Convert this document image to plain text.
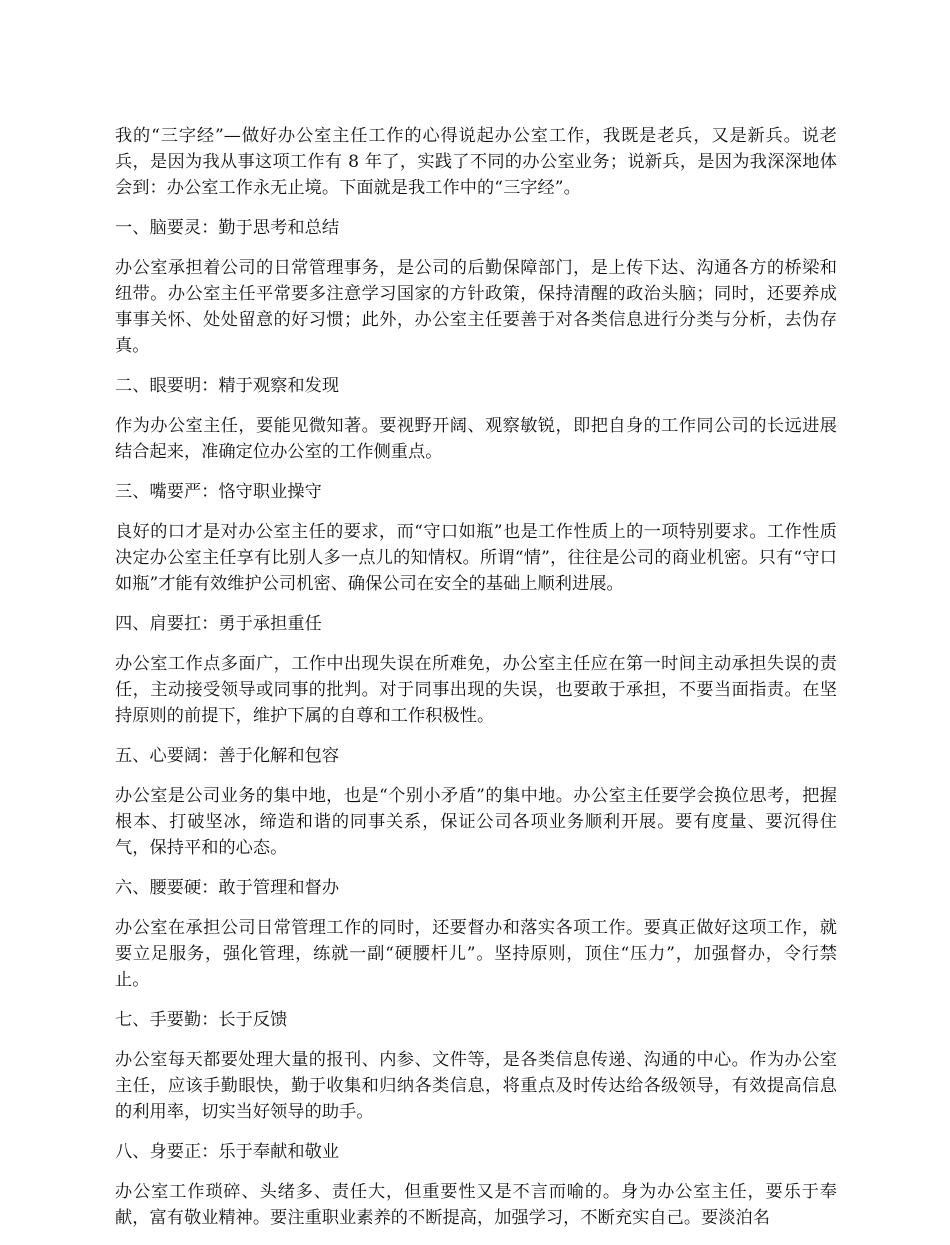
我的“三字经”—做好办公室主任工作的心得说起办公室工作，我既是老兵，又是新兵。说老兵，是因为我从事这项工作有 8 年了，实践了不同的办公室业务；说新兵，是因为我深深地体会到：办公室工作永无止境。下面就是我工作中的“三字经”。

一、脑要灵：勤于思考和总结

办公室承担着公司的日常管理事务，是公司的后勤保障部门，是上传下达、沟通各方的桥梁和纽带。办公室主任平常要多注意学习国家的方针政策，保持清醒的政治头脑；同时，还要养成事事关怀、处处留意的好习惯；此外，办公室主任要善于对各类信息进行分类与分析，去伪存真。

二、眼要明：精于观察和发现

作为办公室主任，要能见微知著。要视野开阔、观察敏锐，即把自身的工作同公司的长远进展结合起来，准确定位办公室的工作侧重点。

三、嘴要严：恪守职业操守

良好的口才是对办公室主任的要求，而“守口如瓶”也是工作性质上的一项特别要求。工作性质决定办公室主任享有比别人多一点儿的知情权。所谓“情”，往往是公司的商业机密。只有“守口如瓶”才能有效维护公司机密、确保公司在安全的基础上顺利进展。

四、肩要扛：勇于承担重任

办公室工作点多面广，工作中出现失误在所难免，办公室主任应在第一时间主动承担失误的责任，主动接受领导或同事的批判。对于同事出现的失误，也要敢于承担，不要当面指责。在坚持原则的前提下，维护下属的自尊和工作积极性。

五、心要阔：善于化解和包容

办公室是公司业务的集中地，也是“个别小矛盾”的集中地。办公室主任要学会换位思考，把握根本、打破坚冰，缔造和谐的同事关系，保证公司各项业务顺利开展。要有度量、要沉得住气，保持平和的心态。

六、腰要硬：敢于管理和督办

办公室在承担公司日常管理工作的同时，还要督办和落实各项工作。要真正做好这项工作，就要立足服务，强化管理，练就一副“硬腰杆儿”。坚持原则，顶住“压力”，加强督办，令行禁止。

七、手要勤：长于反馈

办公室每天都要处理大量的报刊、内参、文件等，是各类信息传递、沟通的中心。作为办公室主任，应该手勤眼快，勤于收集和归纳各类信息，将重点及时传达给各级领导，有效提高信息的利用率，切实当好领导的助手。

八、身要正：乐于奉献和敬业

办公室工作琐碎、头绪多、责任大，但重要性又是不言而喻的。身为办公室主任，要乐于奉献，富有敬业精神。要注重职业素养的不断提高，加强学习，不断充实自己。要淡泊名
